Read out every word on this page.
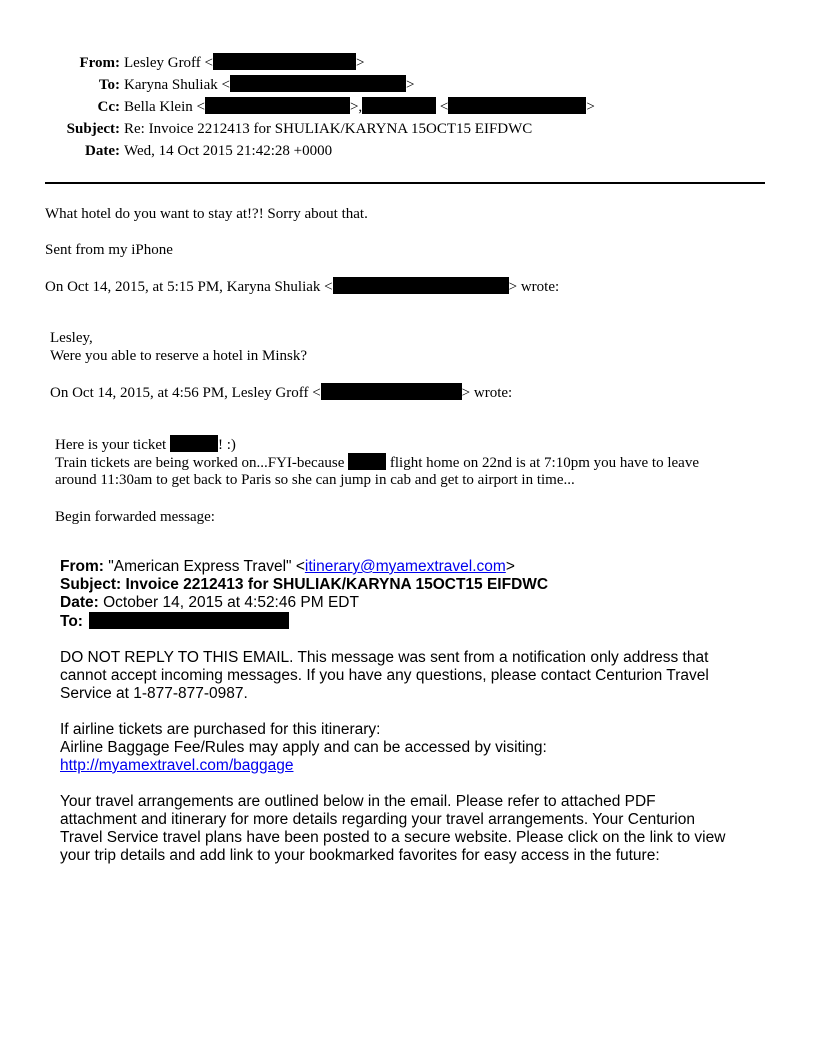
From: Lesley Groff <	>
To: Karyna Shuliak <	>
Cc: Bella Klein <	>,	<	>
Subject: Re: Invoice 2212413 for SHULIAK/KARYNA 15OCT15 EIFDWC
Date: Wed, 14 Oct 2015 21:42:28 +0000
What hotel do you want to stay at!?! Sorry about that.
Sent from my iPhone
On Oct 14, 2015, at 5:15 PM, Karyna Shuliak <	> wrote:
Lesley,
Were you able to reserve a hotel in Minsk?
On Oct 14, 2015, at 4:56 PM, Lesley Groff <	> wrote:
Here is your ticket	! :)
Train tickets are being worked on...FYI-because	flight home on 22nd is at 7:10pm you have to leave
around 11:30am to get back to Paris so she can jump in cab and get to airport in time...
Begin forwarded message:
From: "American Express Travel" <itinerary@myamextravel.com>
Subject: Invoice 2212413 for SHULIAK/KARYNA 15OCT15 EIFDWC
Date: October 14, 2015 at 4:52:46 PM EDT
To:
DO NOT REPLY TO THIS EMAIL. This message was sent from a notification only address that
cannot accept incoming messages. If you have any questions, please contact Centurion Travel
Service at 1-877-877-0987.
If airline tickets are purchased for this itinerary:
Airline Baggage Fee/Rules may apply and can be accessed by visiting:
http://myamextravel.com/baggage
Your travel arrangements are outlined below in the email. Please refer to attached PDF
attachment and itinerary for more details regarding your travel arrangements. Your Centurion
Travel Service travel plans have been posted to a secure website. Please click on the link to view
your trip details and add link to your bookmarked favorites for easy access in the future:
